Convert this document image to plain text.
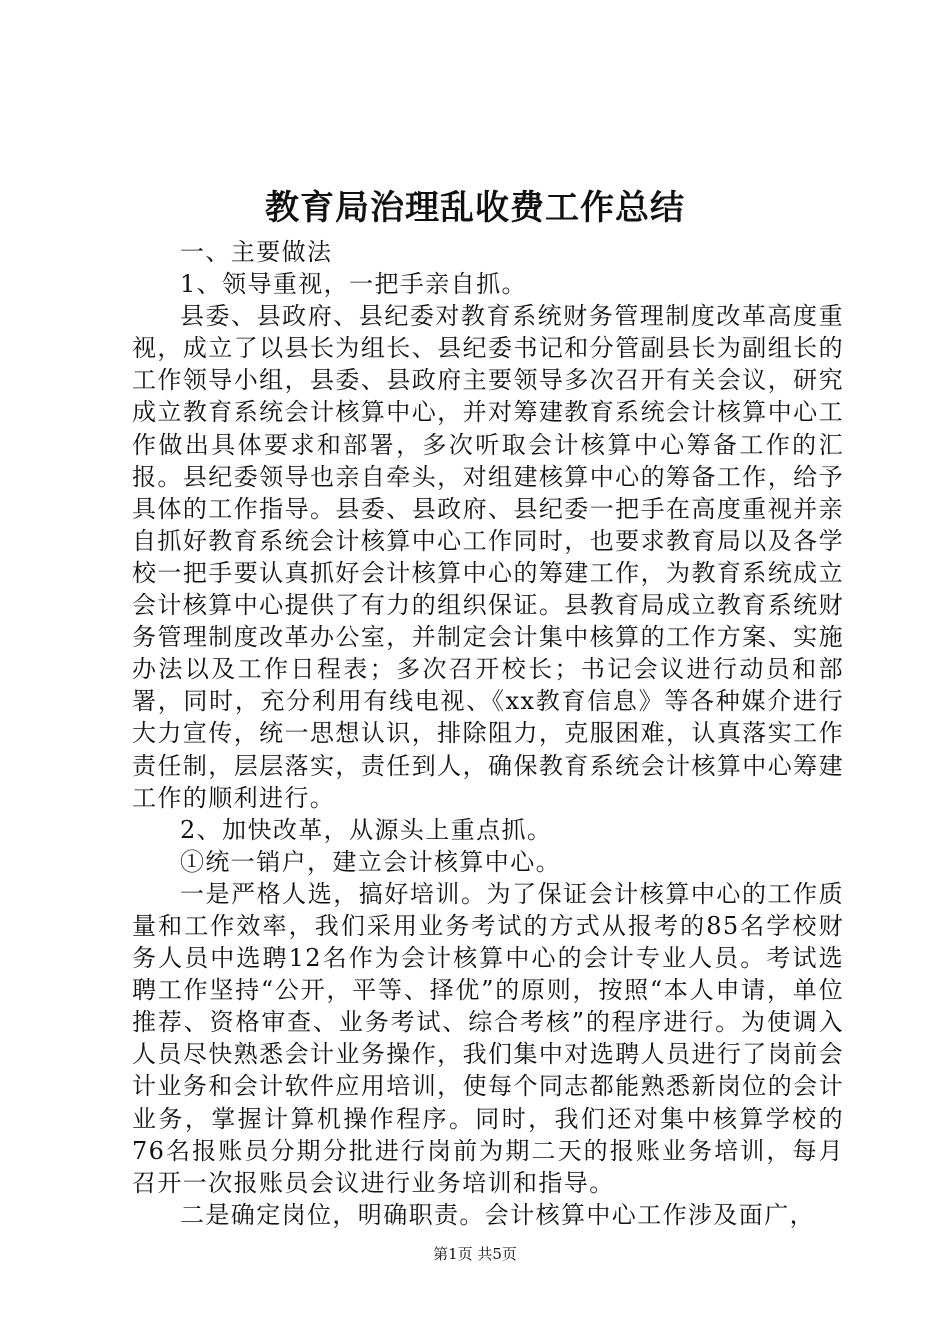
教育局治理乱收费工作总结

一、主要做法

1、领导重视，一把手亲自抓。

县委、县政府、县纪委对教育系统财务管理制度改革高度重视，成立了以县长为组长、县纪委书记和分管副县长为副组长的工作领导小组，县委、县政府主要领导多次召开有关会议，研究成立教育系统会计核算中心，并对筹建教育系统会计核算中心工作做出具体要求和部署，多次听取会计核算中心筹备工作的汇报。县纪委领导也亲自牵头，对组建核算中心的筹备工作，给予具体的工作指导。县委、县政府、县纪委一把手在高度重视并亲自抓好教育系统会计核算中心工作同时，也要求教育局以及各学校一把手要认真抓好会计核算中心的筹建工作，为教育系统成立会计核算中心提供了有力的组织保证。县教育局成立教育系统财务管理制度改革办公室，并制定会计集中核算的工作方案、实施办法以及工作日程表；多次召开校长；书记会议进行动员和部署，同时，充分利用有线电视、《xx教育信息》等各种媒介进行大力宣传，统一思想认识，排除阻力，克服困难，认真落实工作责任制，层层落实，责任到人，确保教育系统会计核算中心筹建工作的顺利进行。

2、加快改革，从源头上重点抓。

①统一销户，建立会计核算中心。

一是严格人选，搞好培训。为了保证会计核算中心的工作质量和工作效率，我们采用业务考试的方式从报考的85名学校财务人员中选聘12名作为会计核算中心的会计专业人员。考试选聘工作坚持“公开，平等、择优”的原则，按照“本人申请，单位推荐、资格审查、业务考试、综合考核”的程序进行。为使调入人员尽快熟悉会计业务操作，我们集中对选聘人员进行了岗前会计业务和会计软件应用培训，使每个同志都能熟悉新岗位的会计业务，掌握计算机操作程序。同时，我们还对集中核算学校的76名报账员分期分批进行岗前为期二天的报账业务培训，每月召开一次报账员会议进行业务培训和指导。

二是确定岗位，明确职责。会计核算中心工作涉及面广，

第1页 共5页
